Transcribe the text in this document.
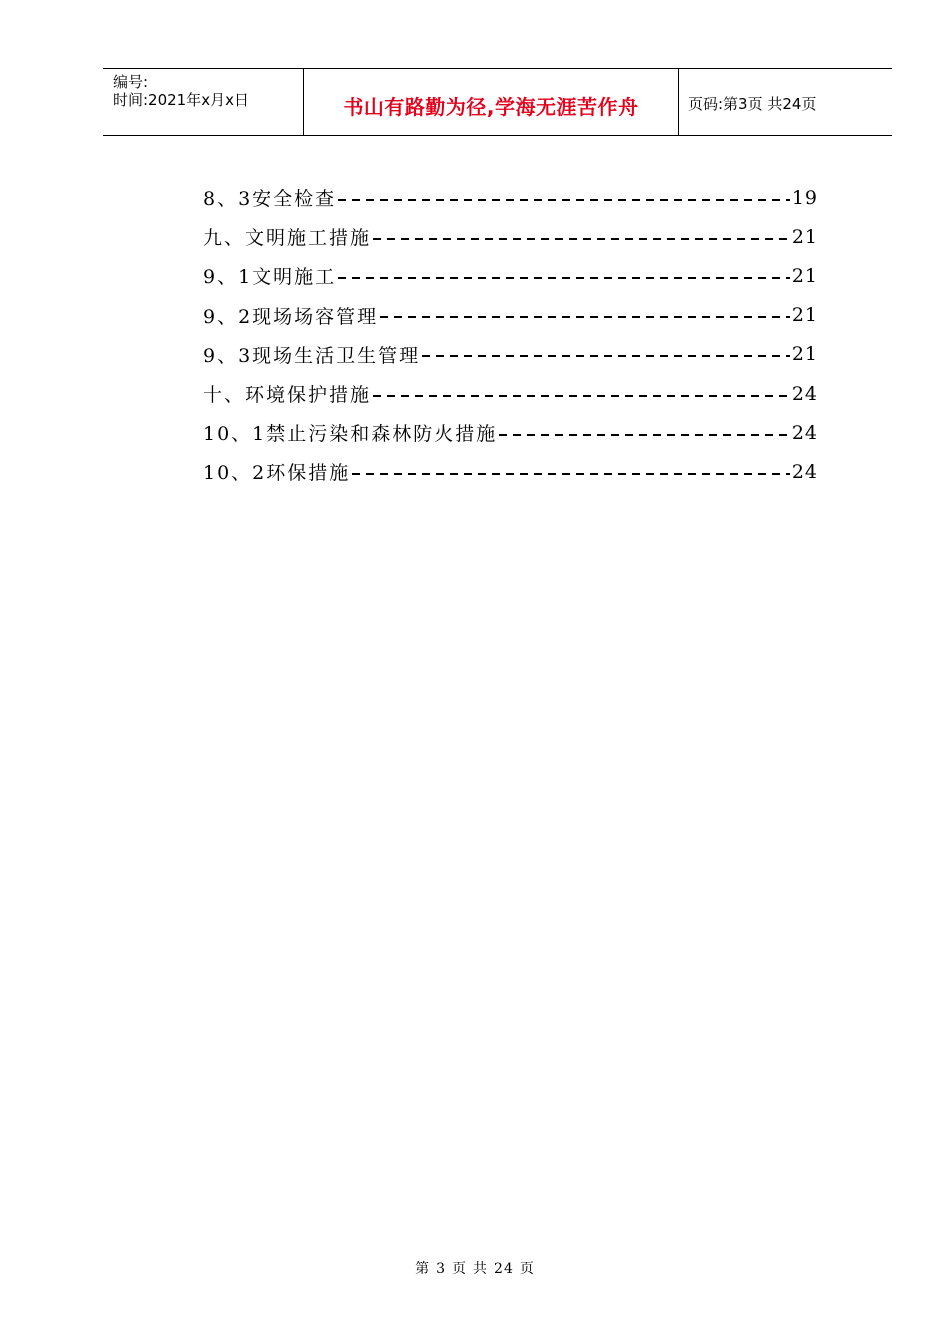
编号:
时间:2021年x月x日	书山有路勤为径,学海无涯苦作舟	页码:第3页 共24页
8、3安全检查	19
九、文明施工措施	21
9、1文明施工	21
9、2现场场容管理	21
9、3现场生活卫生管理	21
十、环境保护措施	24
10、1禁止污染和森林防火措施	24
10、2环保措施	24
第 3 页 共 24 页
